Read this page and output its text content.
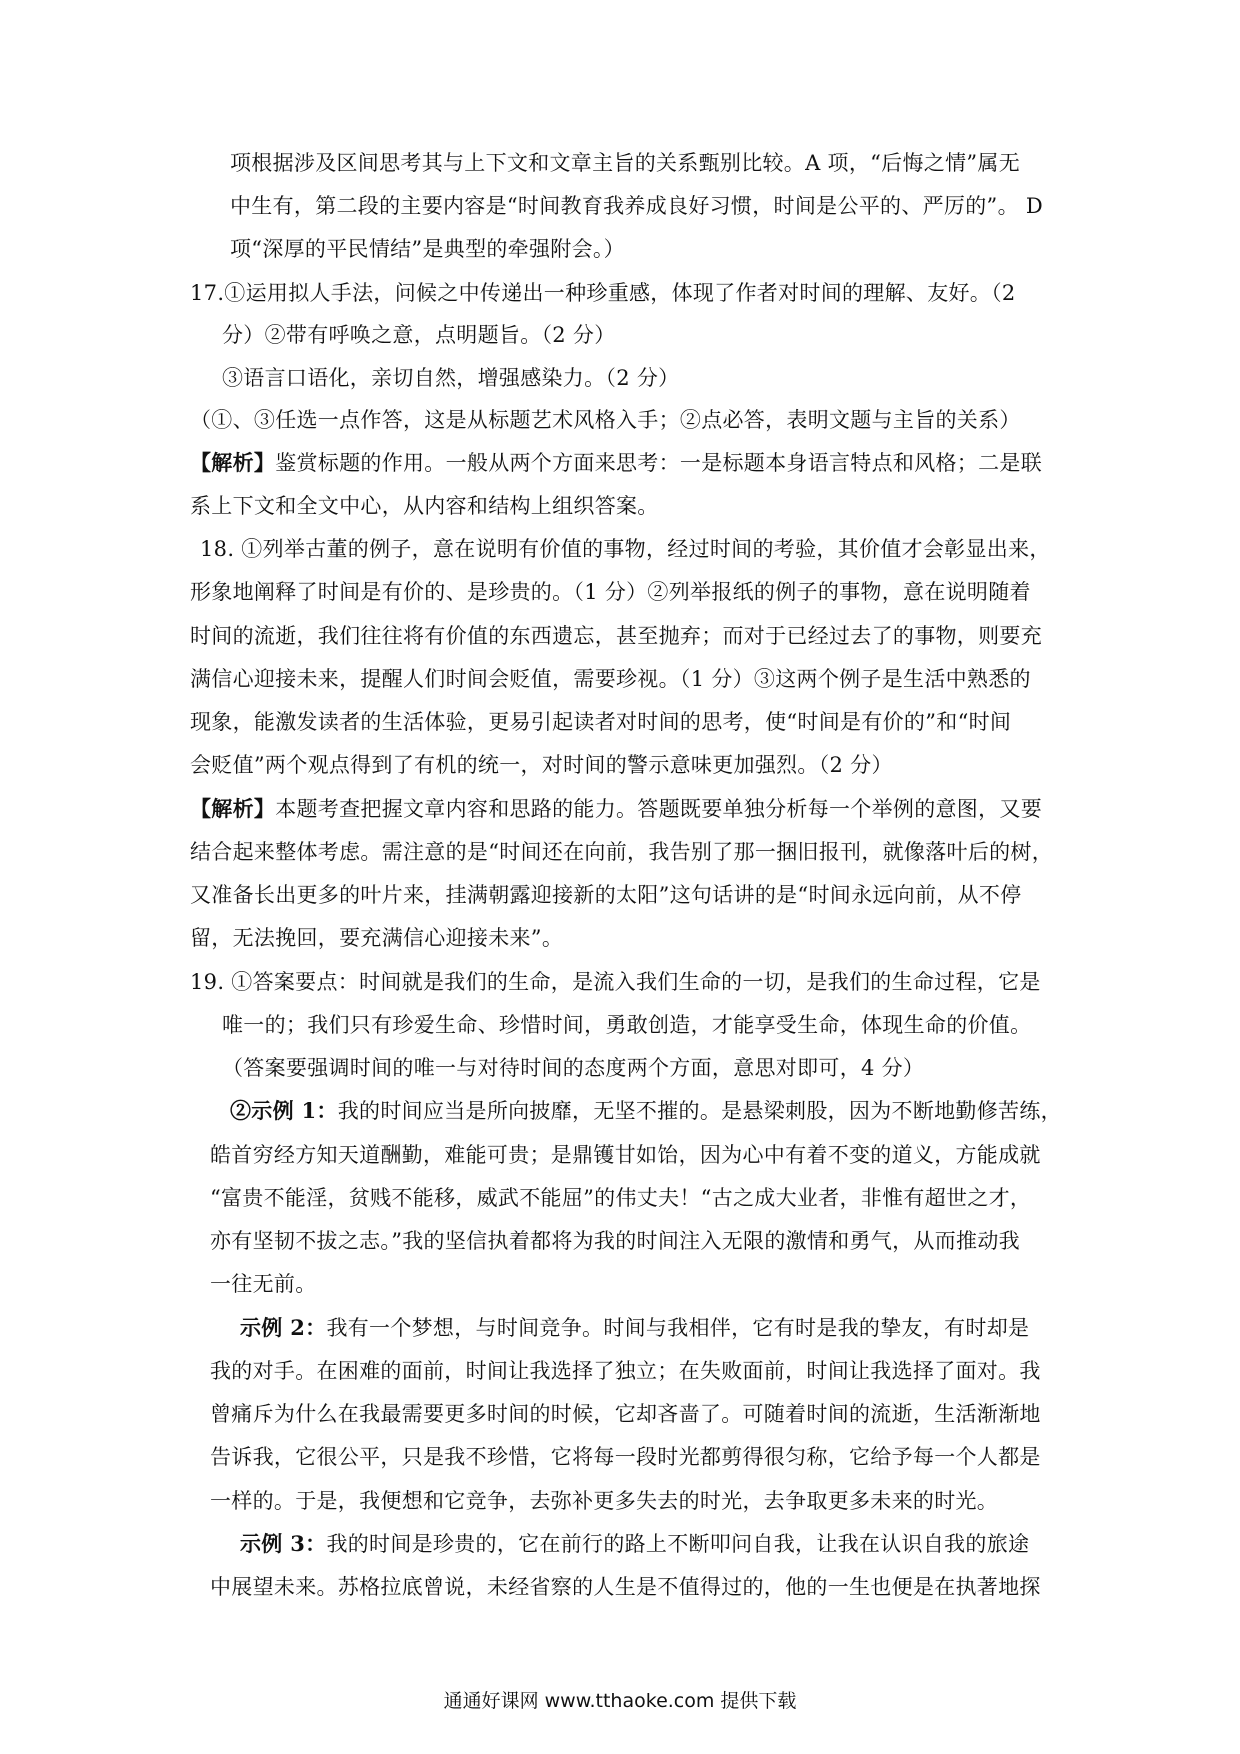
项根据涉及区间思考其与上下文和文章主旨的关系甄别比较。A 项，“后悔之情”属无
中生有，第二段的主要内容是“时间教育我养成良好习惯，时间是公平的、严厉的”。 D
项“深厚的平民情结”是典型的牵强附会。）
17.①运用拟人手法，问候之中传递出一种珍重感，体现了作者对时间的理解、友好。（2
分）②带有呼唤之意，点明题旨。（2 分）
③语言口语化，亲切自然，增强感染力。（2 分）
（①、③任选一点作答，这是从标题艺术风格入手；②点必答，表明文题与主旨的关系）
【解析】鉴赏标题的作用。一般从两个方面来思考：一是标题本身语言特点和风格；二是联
系上下文和全文中心，从内容和结构上组织答案。
18. ①列举古董的例子，意在说明有价值的事物，经过时间的考验，其价值才会彰显出来，
形象地阐释了时间是有价的、是珍贵的。（1 分）②列举报纸的例子的事物，意在说明随着
时间的流逝，我们往往将有价值的东西遗忘，甚至抛弃；而对于已经过去了的事物，则要充
满信心迎接未来，提醒人们时间会贬值，需要珍视。（1 分）③这两个例子是生活中熟悉的
现象，能激发读者的生活体验，更易引起读者对时间的思考，使“时间是有价的”和“时间
会贬值”两个观点得到了有机的统一，对时间的警示意味更加强烈。（2 分）
【解析】本题考查把握文章内容和思路的能力。答题既要单独分析每一个举例的意图，又要
结合起来整体考虑。需注意的是“时间还在向前，我告别了那一捆旧报刊，就像落叶后的树，
又准备长出更多的叶片来，挂满朝露迎接新的太阳”这句话讲的是“时间永远向前，从不停
留，无法挽回，要充满信心迎接未来”。
19. ①答案要点：时间就是我们的生命，是流入我们生命的一切，是我们的生命过程，它是
唯一的；我们只有珍爱生命、珍惜时间，勇敢创造，才能享受生命，体现生命的价值。
（答案要强调时间的唯一与对待时间的态度两个方面，意思对即可，4 分）
②示例 1：我的时间应当是所向披靡，无坚不摧的。是悬梁刺股，因为不断地勤修苦练，
皓首穷经方知天道酬勤，难能可贵；是鼎镬甘如饴，因为心中有着不变的道义，方能成就
“富贵不能淫，贫贱不能移，威武不能屈”的伟丈夫！“古之成大业者，非惟有超世之才，
亦有坚韧不拔之志。”我的坚信执着都将为我的时间注入无限的激情和勇气，从而推动我
一往无前。
示例 2：我有一个梦想，与时间竞争。时间与我相伴，它有时是我的挚友，有时却是
我的对手。在困难的面前，时间让我选择了独立；在失败面前，时间让我选择了面对。我
曾痛斥为什么在我最需要更多时间的时候，它却吝啬了。可随着时间的流逝，生活渐渐地
告诉我，它很公平，只是我不珍惜，它将每一段时光都剪得很匀称，它给予每一个人都是
一样的。于是，我便想和它竞争，去弥补更多失去的时光，去争取更多未来的时光。
示例 3：我的时间是珍贵的，它在前行的路上不断叩问自我，让我在认识自我的旅途
中展望未来。苏格拉底曾说，未经省察的人生是不值得过的，他的一生也便是在执著地探
通通好课网 www.tthaoke.com 提供下载
